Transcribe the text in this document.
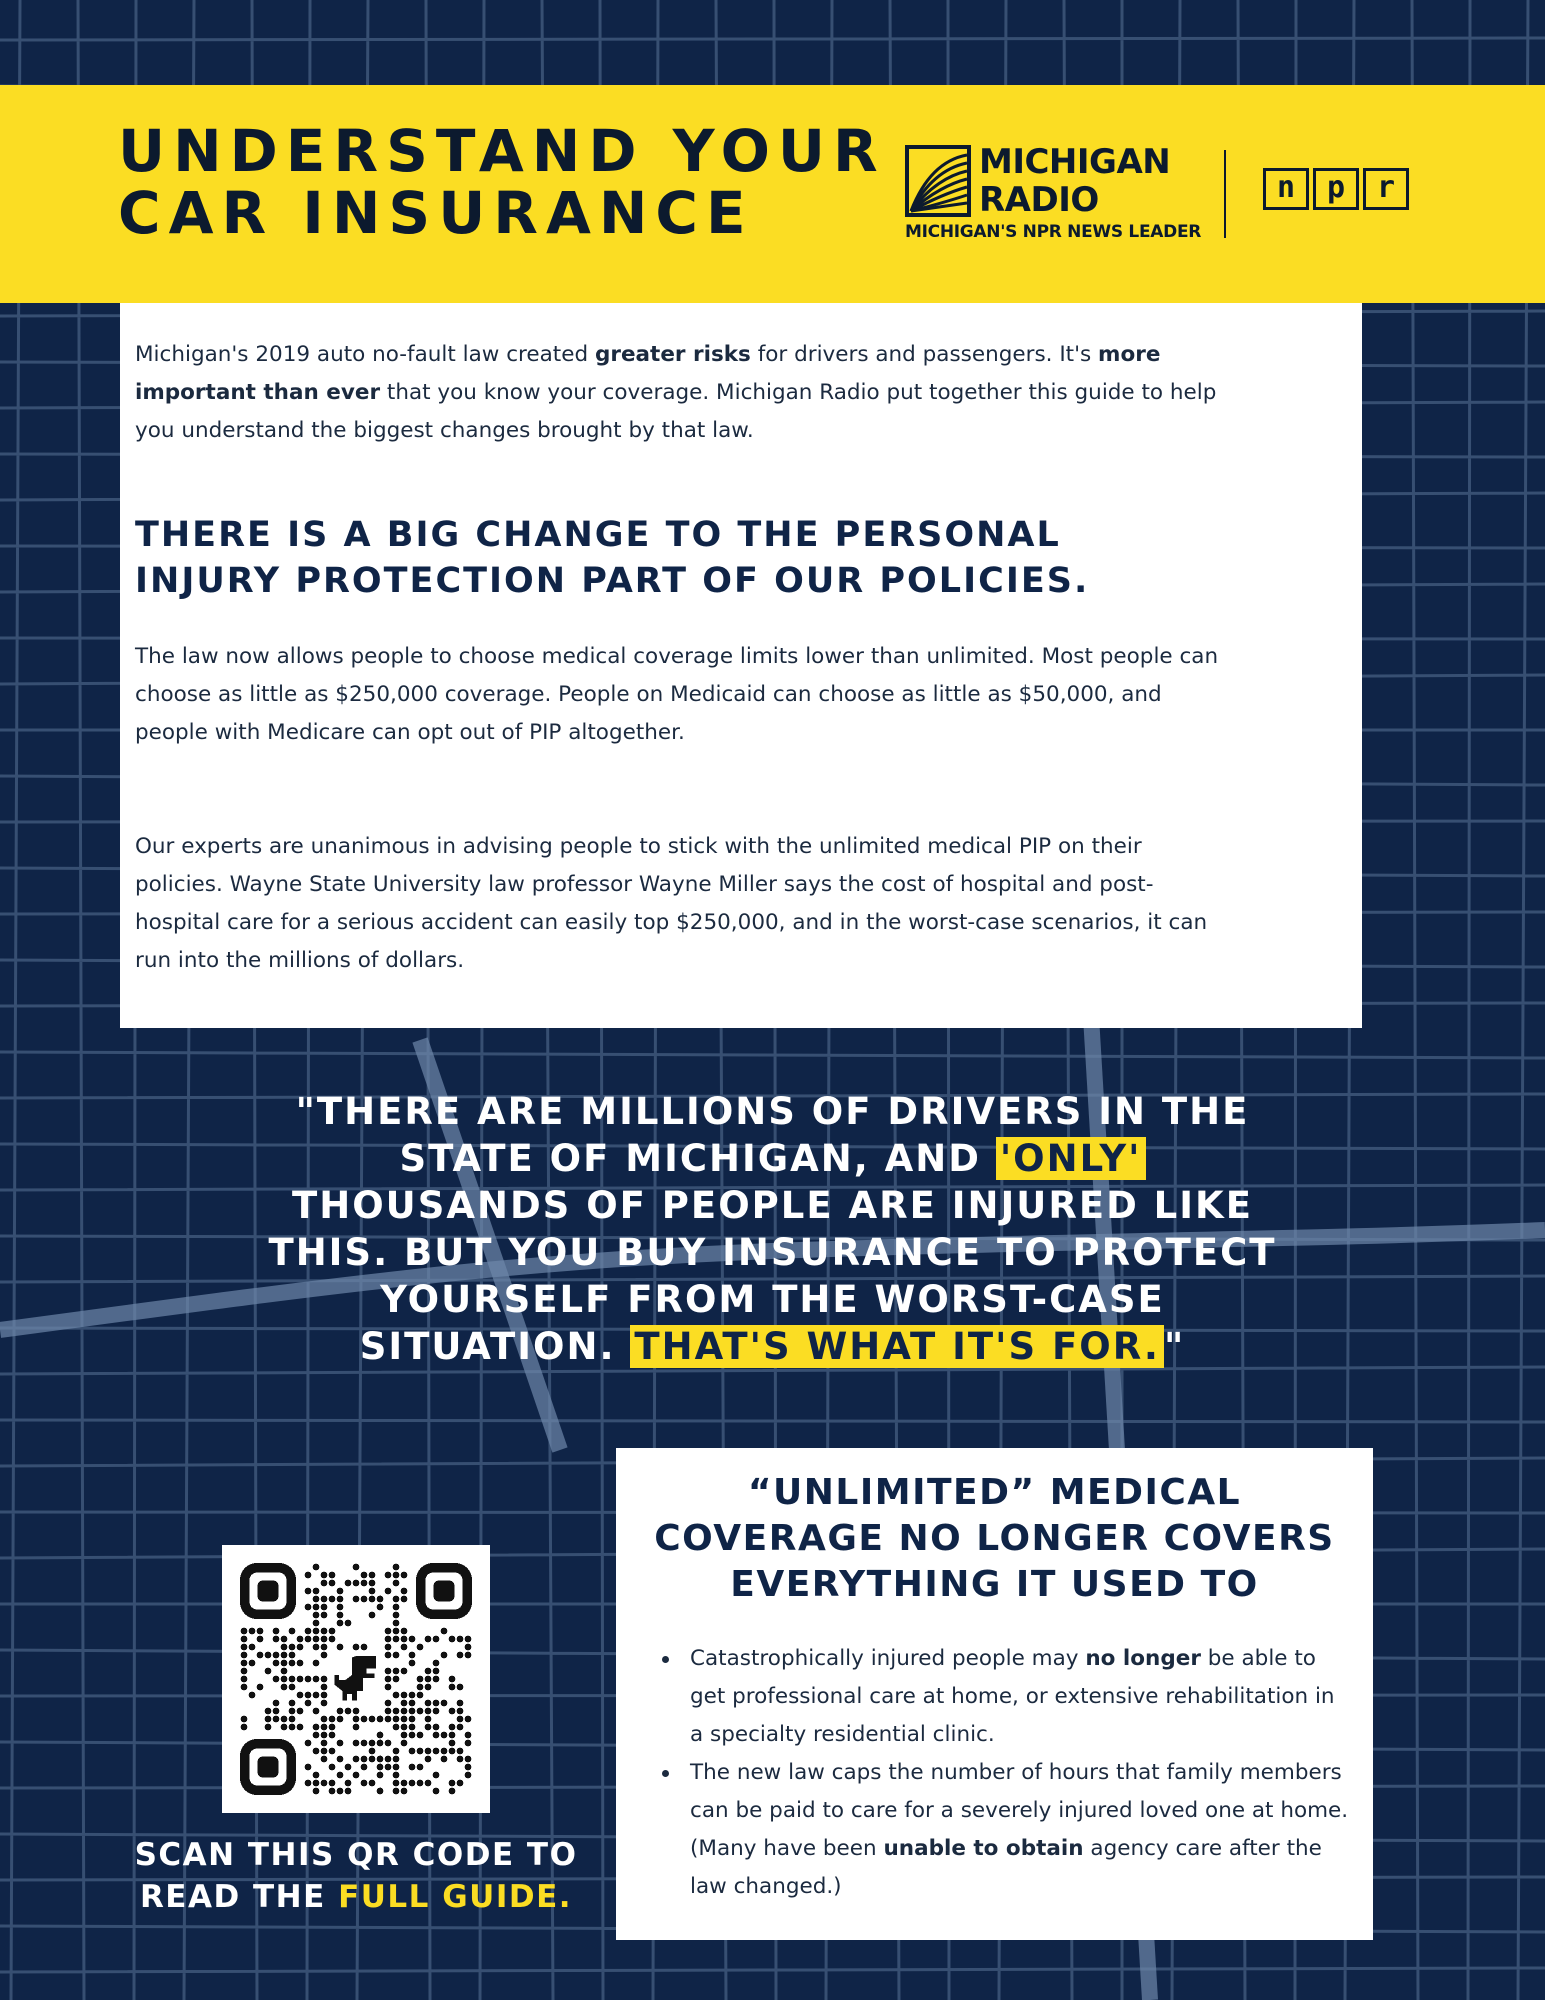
UNDERSTAND YOUR
CAR INSURANCE
MICHIGAN
RADIO
MICHIGAN'S NPR NEWS LEADER
n	p	r

Michigan's 2019 auto no-fault law created greater risks for drivers and passengers. It's more important than ever that you know your coverage. Michigan Radio put together this guide to help you understand the biggest changes brought by that law.

THERE IS A BIG CHANGE TO THE PERSONAL
INJURY PROTECTION PART OF OUR POLICIES.

The law now allows people to choose medical coverage limits lower than unlimited. Most people can choose as little as $250,000 coverage. People on Medicaid can choose as little as $50,000, and people with Medicare can opt out of PIP altogether.

Our experts are unanimous in advising people to stick with the unlimited medical PIP on their policies. Wayne State University law professor Wayne Miller says the cost of hospital and post-hospital care for a serious accident can easily top $250,000, and in the worst-case scenarios, it can run into the millions of dollars.

"THERE ARE MILLIONS OF DRIVERS IN THE
STATE OF MICHIGAN, AND 'ONLY'
THOUSANDS OF PEOPLE ARE INJURED LIKE
THIS. BUT YOU BUY INSURANCE TO PROTECT
YOURSELF FROM THE WORST-CASE
SITUATION. THAT'S WHAT IT'S FOR. "

SCAN THIS QR CODE TO
READ THE FULL GUIDE.

“UNLIMITED” MEDICAL
COVERAGE NO LONGER COVERS
EVERYTHING IT USED TO
Catastrophically injured people may no longer be able to get professional care at home, or extensive rehabilitation in a specialty residential clinic.
The new law caps the number of hours that family members can be paid to care for a severely injured loved one at home. (Many have been unable to obtain agency care after the law changed.)
